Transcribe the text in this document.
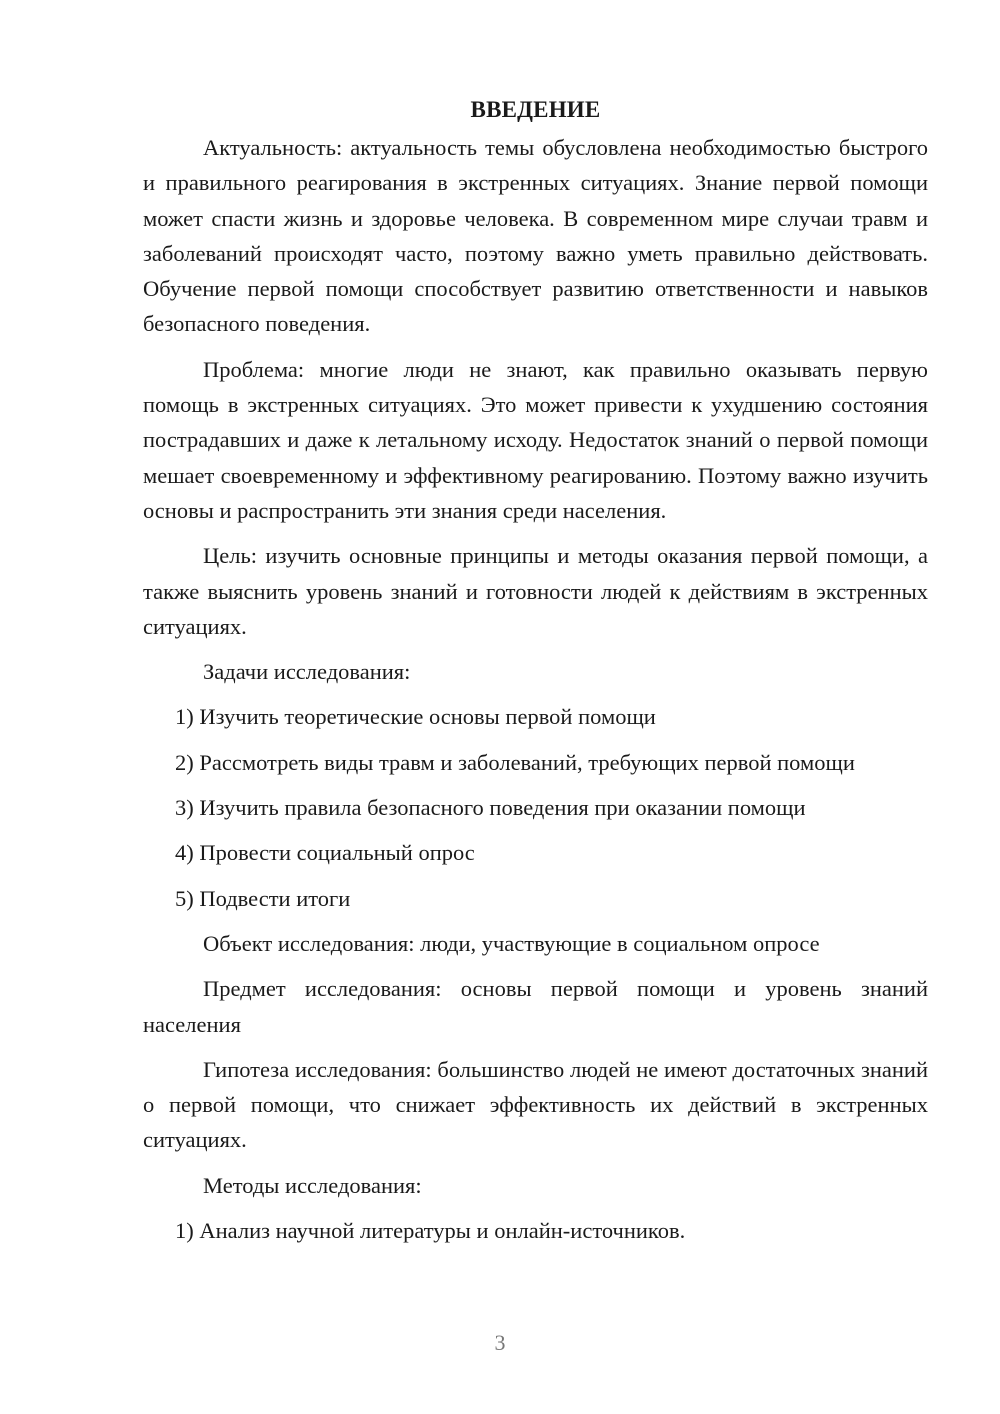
ВВЕДЕНИЕ

Актуальность: актуальность темы обусловлена необходимостью быстрого и правильного реагирования в экстренных ситуациях. Знание первой помощи может спасти жизнь и здоровье человека. В современном мире случаи травм и заболеваний происходят часто, поэтому важно уметь правильно действовать. Обучение первой помощи способствует развитию ответственности и навыков безопасного поведения.

Проблема: многие люди не знают, как правильно оказывать первую помощь в экстренных ситуациях. Это может привести к ухудшению состояния пострадавших и даже к летальному исходу. Недостаток знаний о первой помощи мешает своевременному и эффективному реагированию. Поэтому важно изучить основы и распространить эти знания среди населения.

Цель: изучить основные принципы и методы оказания первой помощи, а также выяснить уровень знаний и готовности людей к действиям в экстренных ситуациях.

Задачи исследования:
1) Изучить теоретические основы первой помощи
2) Рассмотреть виды травм и заболеваний, требующих первой помощи
3) Изучить правила безопасного поведения при оказании помощи
4) Провести социальный опрос
5) Подвести итоги

Объект исследования: люди, участвующие в социальном опросе

Предмет исследования: основы первой помощи и уровень знаний населения

Гипотеза исследования: большинство людей не имеют достаточных знаний о первой помощи, что снижает эффективность их действий в экстренных ситуациях.

Методы исследования:
1) Анализ научной литературы и онлайн-источников.
3
